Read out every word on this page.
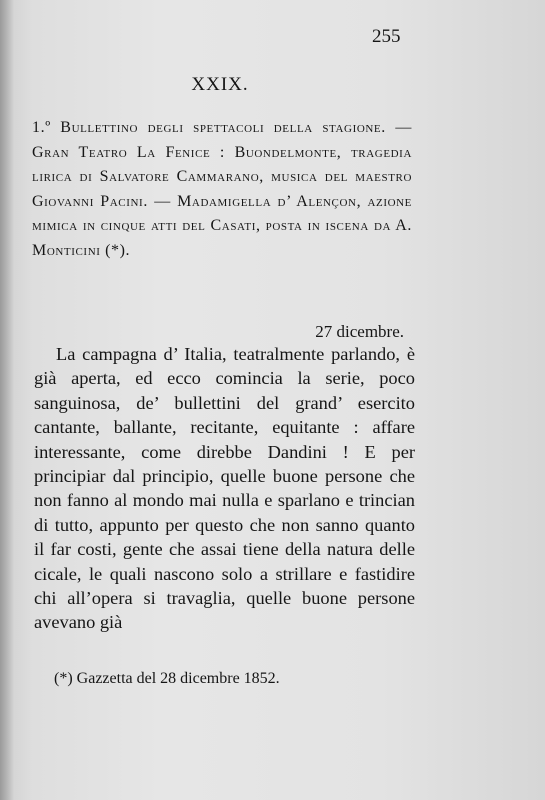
255
XXIX.

1.º Bullettino degli spettacoli della stagione. — Gran Teatro La Fenice : Buondelmonte, tragedia lirica di Salvatore Cammarano, musica del maestro Giovanni Pacini. — Madamigella d’ Alençon, azione mimica in cinque atti del Casati, posta in iscena da A. Monticini (*).

27 dicembre.

La campagna d’ Italia, teatralmente parlando, è già aperta, ed ecco comincia la serie, poco sanguinosa, de’ bullettini del grand’ esercito cantante, ballante, recitante, equitante : affare interessante, come direbbe Dandini ! E per principiar dal principio, quelle buone persone che non fanno al mondo mai nulla e sparlano e trincian di tutto, appunto per questo che non sanno quanto il far costi, gente che assai tiene della natura delle cicale, le quali nascono solo a strillare e fastidire chi all’opera si travaglia, quelle buone persone avevano già

(*) Gazzetta del 28 dicembre 1852.
